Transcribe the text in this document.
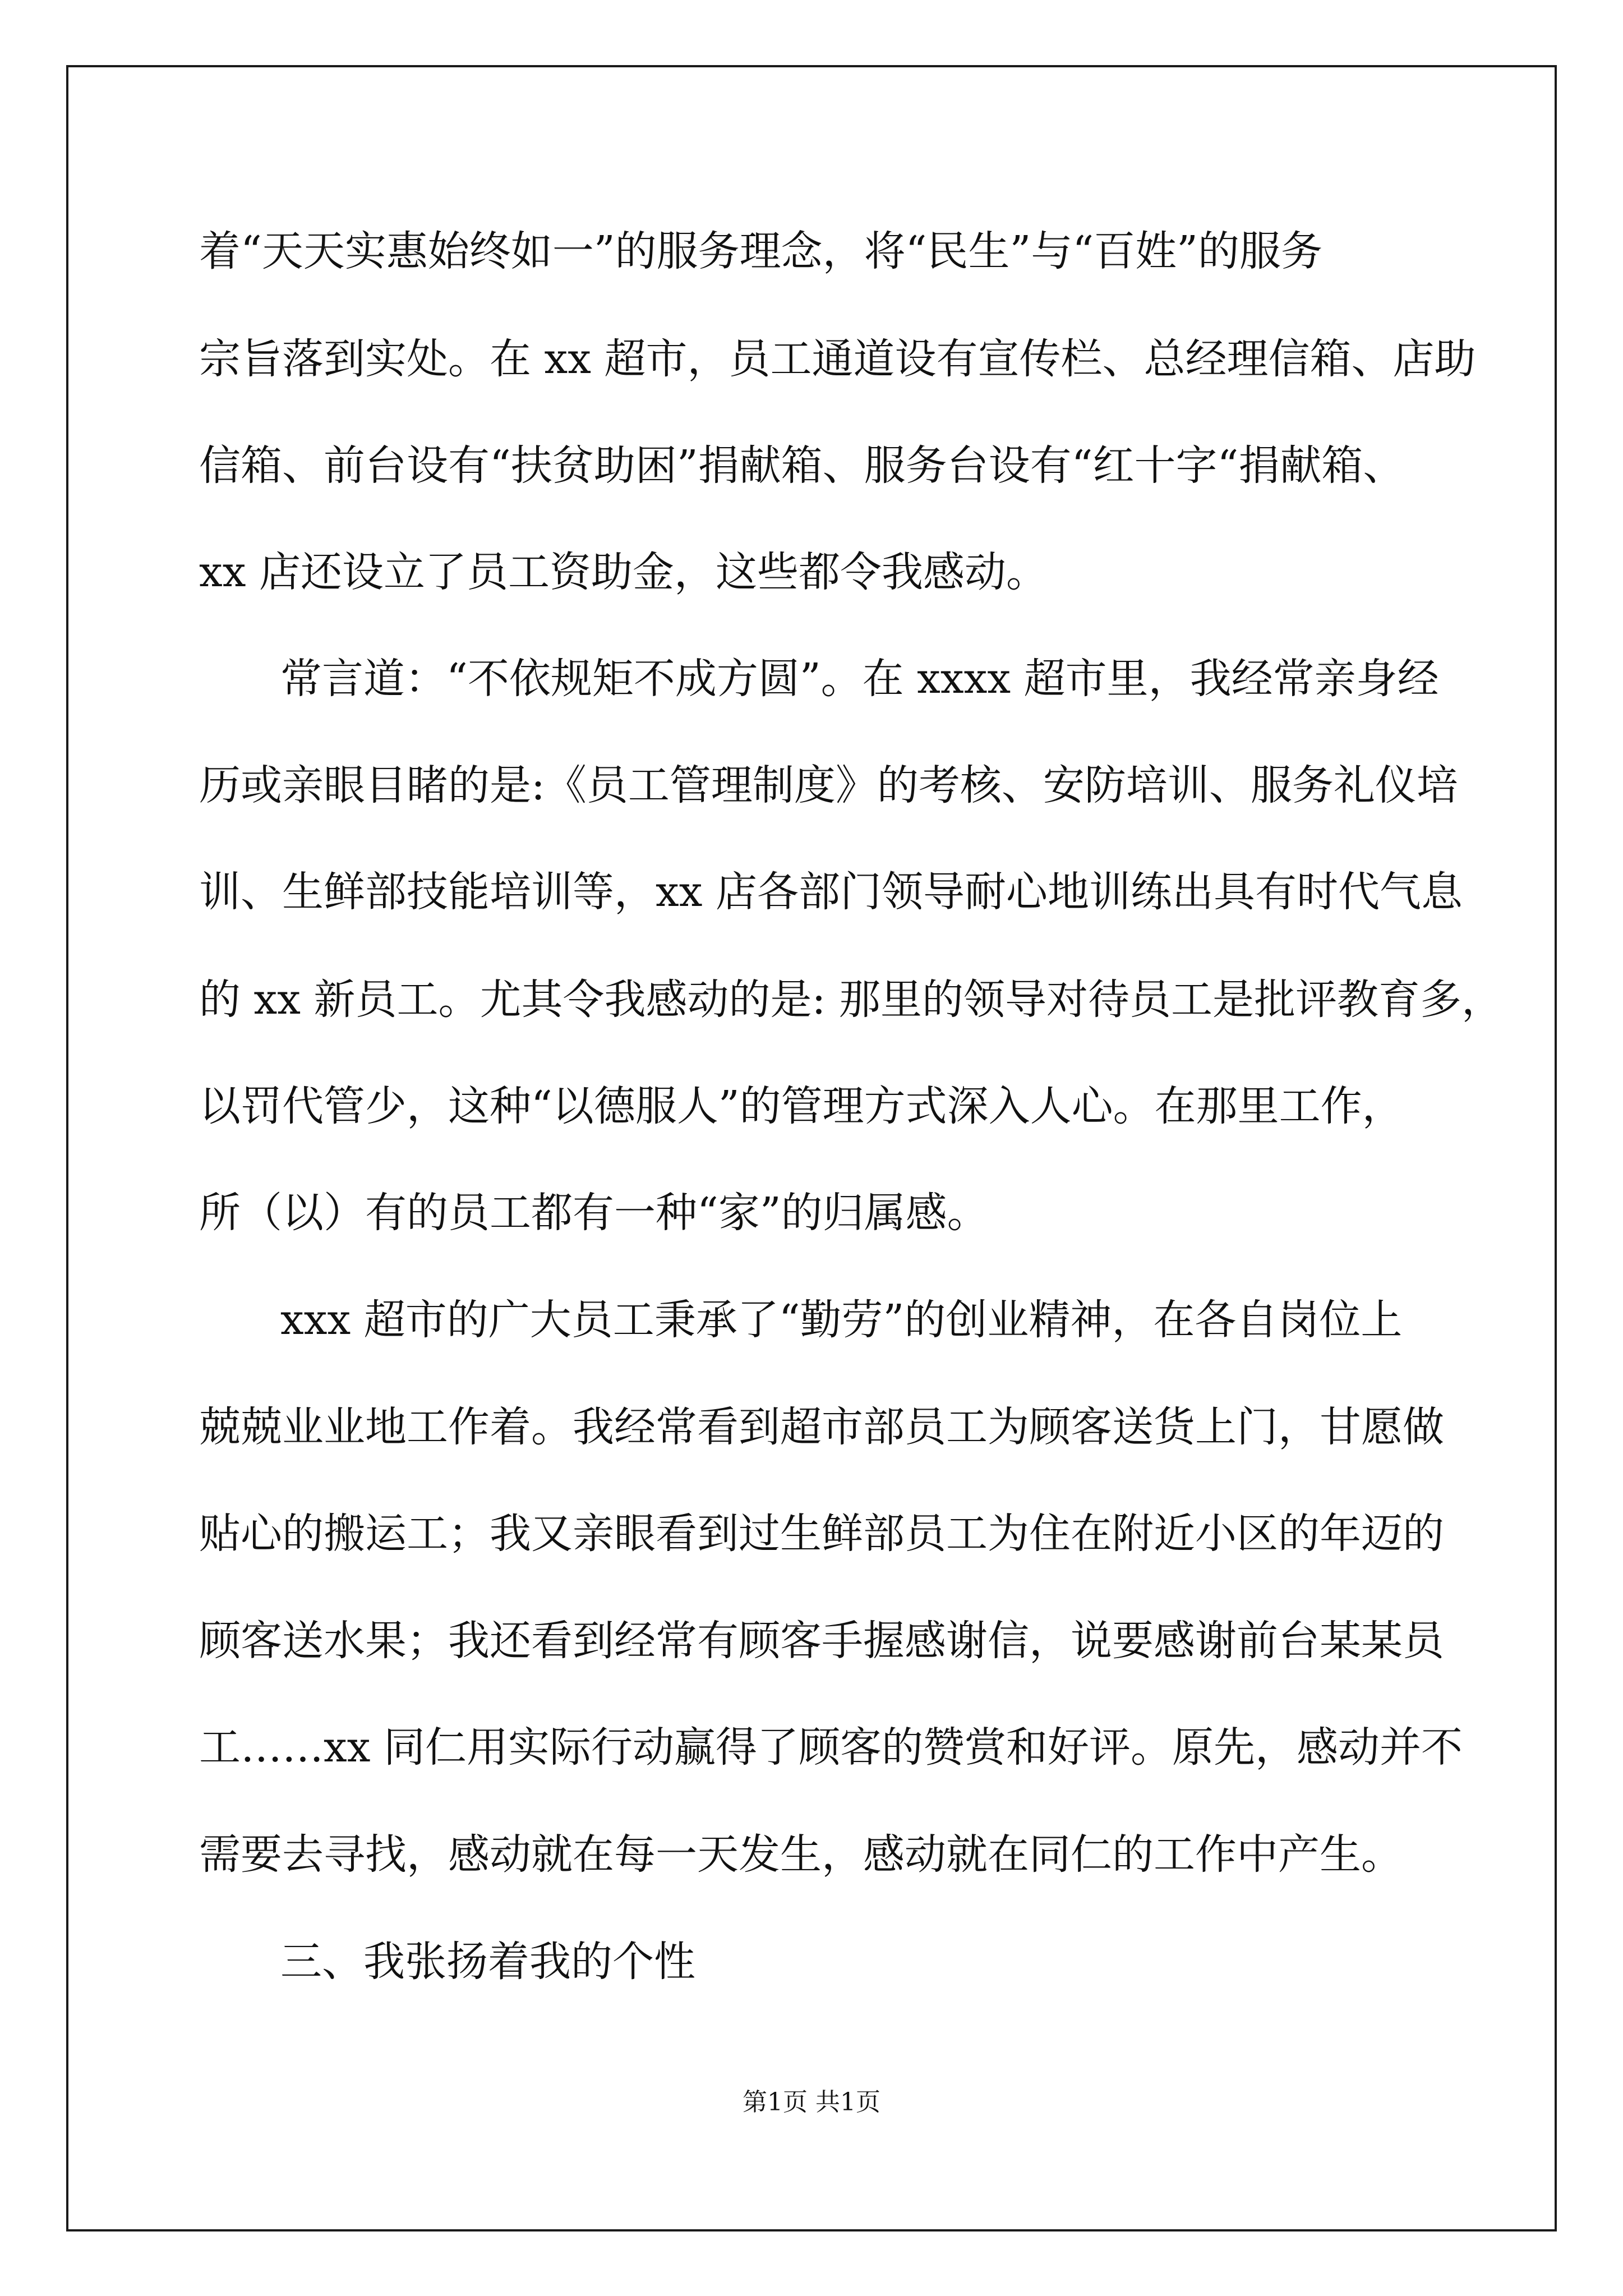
着“天天实惠始终如一”的服务理念，将“民生”与“百姓”的服务

宗旨落到实处。在 xx 超市，员工通道设有宣传栏、总经理信箱、店助

信箱、前台设有“扶贫助困”捐献箱、服务台设有“红十字“捐献箱、

xx 店还设立了员工资助金，这些都令我感动。

常言道：“不依规矩不成方圆”。在 xxxx 超市里，我经常亲身经

历或亲眼目睹的是:《员工管理制度》的考核、安防培训、服务礼仪培

训、生鲜部技能培训等，xx 店各部门领导耐心地训练出具有时代气息

的 xx 新员工。尤其令我感动的是: 那里的领导对待员工是批评教育多，

以罚代管少，这种“以德服人”的管理方式深入人心。在那里工作，

所（以）有的员工都有一种“家”的归属感。

xxx 超市的广大员工秉承了“勤劳”的创业精神，在各自岗位上

兢兢业业地工作着。我经常看到超市部员工为顾客送货上门，甘愿做

贴心的搬运工；我又亲眼看到过生鲜部员工为住在附近小区的年迈的

顾客送水果；我还看到经常有顾客手握感谢信，说要感谢前台某某员

工……xx 同仁用实际行动赢得了顾客的赞赏和好评。原先，感动并不

需要去寻找，感动就在每一天发生，感动就在同仁的工作中产生。

三、我张扬着我的个性

第1页 共1页
